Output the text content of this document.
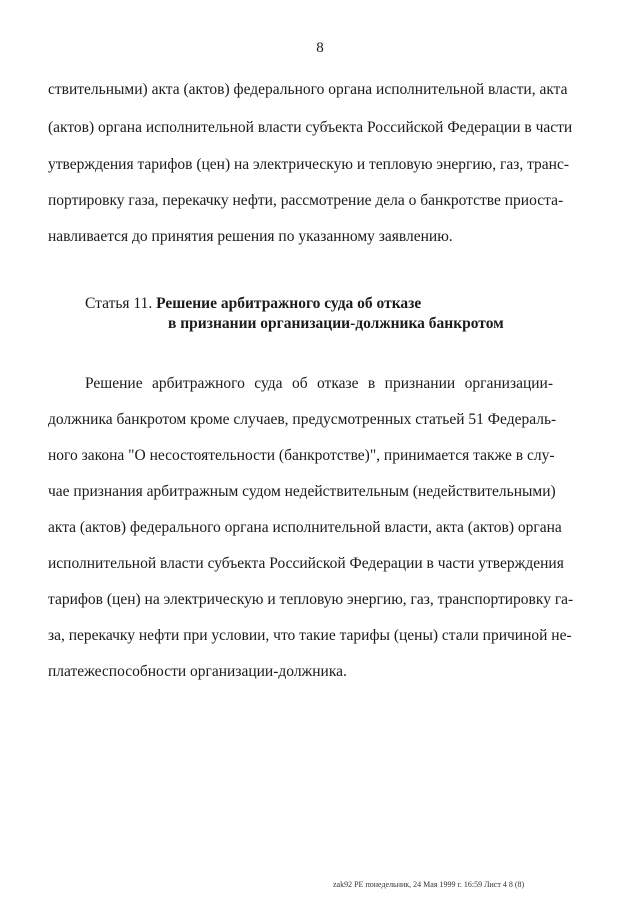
8
ствительными) акта (актов) федерального органа исполнительной власти, акта
(актов) органа исполнительной власти субъекта Российской Федерации в части
утверждения тарифов (цен) на электрическую и тепловую энергию, газ, транс-
портировку газа, перекачку нефти, рассмотрение дела о банкротстве приоста-
навливается до принятия решения по указанному заявлению.
Статья 11. Решение арбитражного суда об отказе
в признании организации-должника банкротом
Решение арбитражного суда об отказе в признании организации-
должника банкротом кроме случаев, предусмотренных статьей 51 Федераль-
ного закона "О несостоятельности (банкротстве)", принимается также в слу-
чае признания арбитражным судом недействительным (недействительными)
акта (актов) федерального органа исполнительной власти, акта (актов) органа
исполнительной власти субъекта Российской Федерации в части утверждения
тарифов (цен) на электрическую и тепловую энергию, газ, транспортировку га-
за, перекачку нефти при условии, что такие тарифы (цены) стали причиной не-
платежеспособности организации-должника.
zak92 PE понедельник, 24 Мая 1999 г. 16:59 Лист 4 8 (8)
